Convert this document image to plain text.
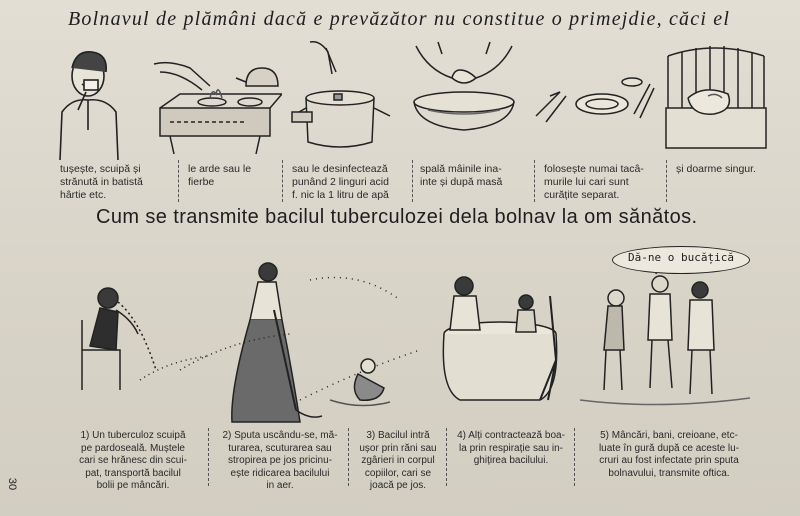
Bolnavul de plămâni dacă e prevăzător nu constitue o primejdie, căci el
tușește, scuipă și
strănută in batistă
hârtie etc.
le arde sau le
fierbe
sau le desinfectează
punând 2 linguri acid
f. nic la 1 litru de apă
spală mâinile ina-
inte și după masă
folosește numai tacâ-
murile lui cari sunt
curățite separat.
și doarme singur.
Cum se transmite bacilul tuberculozei dela bolnav la om sănătos.
Dă-ne o bucățică
1) Un tuberculoz scuipă
pe pardoseală. Muștele
cari se hrănesc din scui-
pat, transportă bacilul
bolii pe mâncări.
2) Sputa uscându-se, mă-
turarea, scuturarea sau
stropirea pe jos pricinu-
ește ridicarea bacilului
in aer.
3) Bacilul intră
ușor prin răni sau
zgârieri in corpul
copiilor, cari se
joacă pe jos.
4) Alți contractează boa-
la prin respirație sau in-
ghițirea bacilului.
5) Mâncări, bani, creioane, etc-
luate în gură după ce aceste lu-
cruri au fost infectate prin sputa
bolnavului, transmite oftica.
30
